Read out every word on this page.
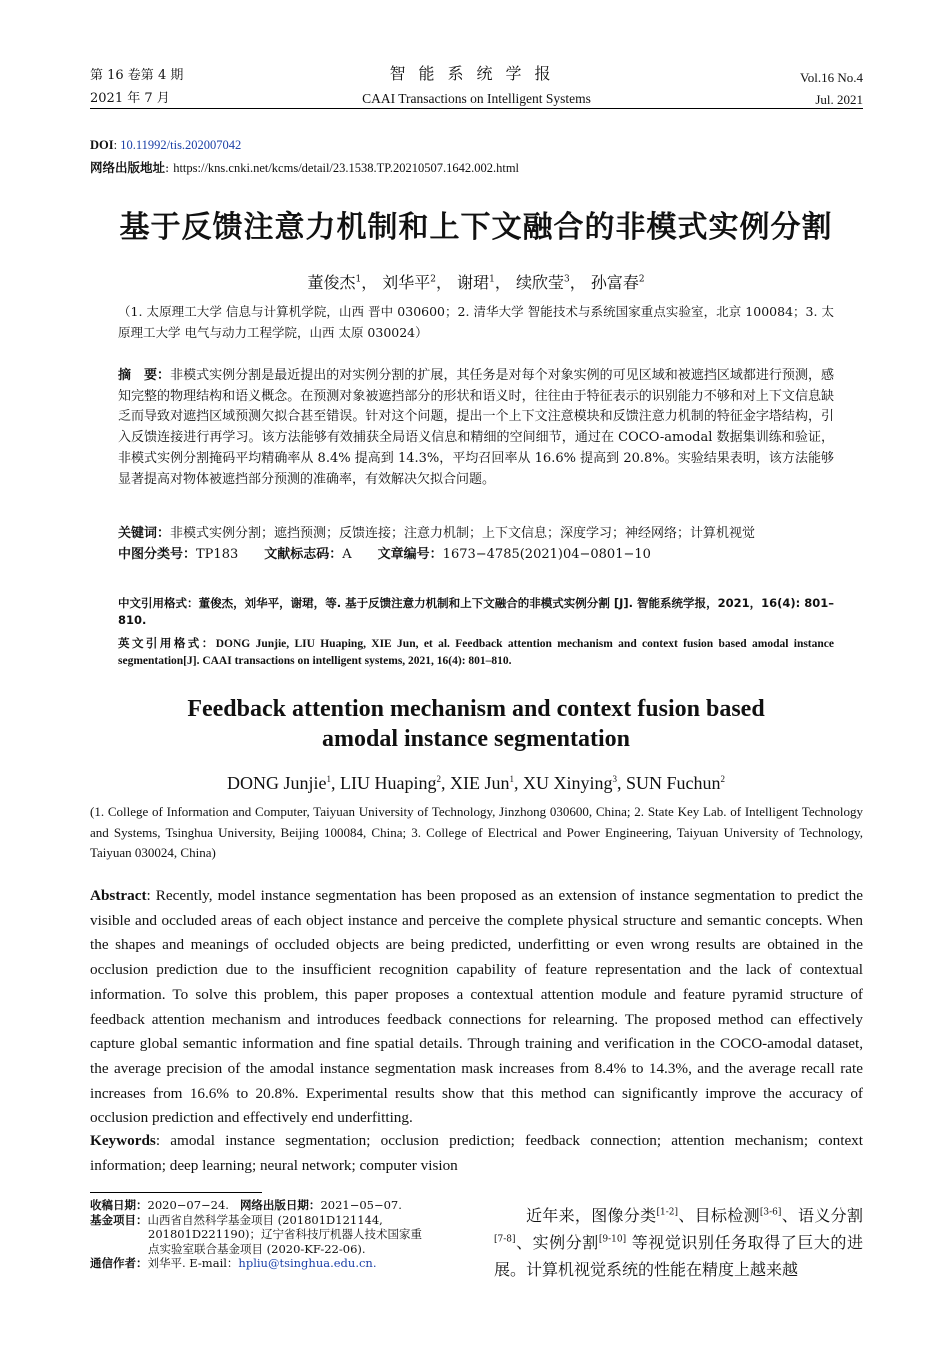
第 16 卷第 4 期
2021 年 7 月
智能系统学报
CAAI Transactions on Intelligent Systems
Vol.16 No.4
Jul. 2021
DOI: 10.11992/tis.202007042
网络出版地址: https://kns.cnki.net/kcms/detail/23.1538.TP.20210507.1642.002.html
基于反馈注意力机制和上下文融合的非模式实例分割
董俊杰$^1$， 刘华平$^2$， 谢珺$^1$， 续欣莹$^3$， 孙富春$^2$
（1. 太原理工大学 信息与计算机学院，山西 晋中 030600；2. 清华大学 智能技术与系统国家重点实验室，北京 100084；3. 太原理工大学 电气与动力工程学院，山西 太原 030024）
摘　要：非模式实例分割是最近提出的对实例分割的扩展，其任务是对每个对象实例的可见区域和被遮挡区域都进行预测，感知完整的物理结构和语义概念。在预测对象被遮挡部分的形状和语义时，往往由于特征表示的识别能力不够和对上下文信息缺乏而导致对遮挡区域预测欠拟合甚至错误。针对这个问题，提出一个上下文注意模块和反馈注意力机制的特征金字塔结构，引入反馈连接进行再学习。该方法能够有效捕获全局语义信息和精细的空间细节，通过在 COCO-amodal 数据集训练和验证，非模式实例分割掩码平均精确率从 8.4% 提高到 14.3%，平均召回率从 16.6% 提高到 20.8%。实验结果表明，该方法能够显著提高对物体被遮挡部分预测的准确率，有效解决欠拟合问题。
关键词：非模式实例分割；遮挡预测；反馈连接；注意力机制；上下文信息；深度学习；神经网络；计算机视觉
中图分类号：TP183 文献标志码：A 文章编号：1673−4785(2021)04−0801−10
中文引用格式：董俊杰，刘华平，谢珺，等. 基于反馈注意力机制和上下文融合的非模式实例分割 [J]. 智能系统学报，2021，16(4): 801–810.
英文引用格式：DONG Junjie, LIU Huaping, XIE Jun, et al. Feedback attention mechanism and context fusion based amodal instance segmentation[J]. CAAI transactions on intelligent systems, 2021, 16(4): 801–810.
Feedback attention mechanism and context fusion based
amodal instance segmentation
DONG Junjie$^1$, LIU Huaping$^2$, XIE Jun$^1$, XU Xinying$^3$, SUN Fuchun$^2$
(1. College of Information and Computer, Taiyuan University of Technology, Jinzhong 030600, China; 2. State Key Lab. of Intelligent Technology and Systems, Tsinghua University, Beijing 100084, China; 3. College of Electrical and Power Engineering, Taiyuan University of Technology, Taiyuan 030024, China)
Abstract: Recently, model instance segmentation has been proposed as an extension of instance segmentation to predict the visible and occluded areas of each object instance and perceive the complete physical structure and semantic concepts. When the shapes and meanings of occluded objects are being predicted, underfitting or even wrong results are obtained in the occlusion prediction due to the insufficient recognition capability of feature representation and the lack of contextual information. To solve this problem, this paper proposes a contextual attention module and feature pyramid structure of feedback attention mechanism and introduces feedback connections for relearning. The proposed method can effectively capture global semantic information and fine spatial details. Through training and verification in the COCO-amodal dataset, the average precision of the amodal instance segmentation mask increases from 8.4% to 14.3%, and the average recall rate increases from 16.6% to 20.8%. Experimental results show that this method can significantly improve the accuracy of occlusion prediction and effectively end underfitting.
Keywords: amodal instance segmentation; occlusion prediction; feedback connection; attention mechanism; context information; deep learning; neural network; computer vision
收稿日期：2020−07−24. 网络出版日期：2021−05−07.
基金项目：山西省自然科学基金项目 (201801D121144,
201801D221190)；辽宁省科技厅机器人技术国家重
点实验室联合基金项目 (2020-KF-22-06).
通信作者：刘华平. E-mail：hpliu@tsinghua.edu.cn.
近年来，图像分类[1-2]、目标检测[3-6]、语义分割[7-8]、实例分割[9-10] 等视觉识别任务取得了巨大的进展。计算机视觉系统的性能在精度上越来越
